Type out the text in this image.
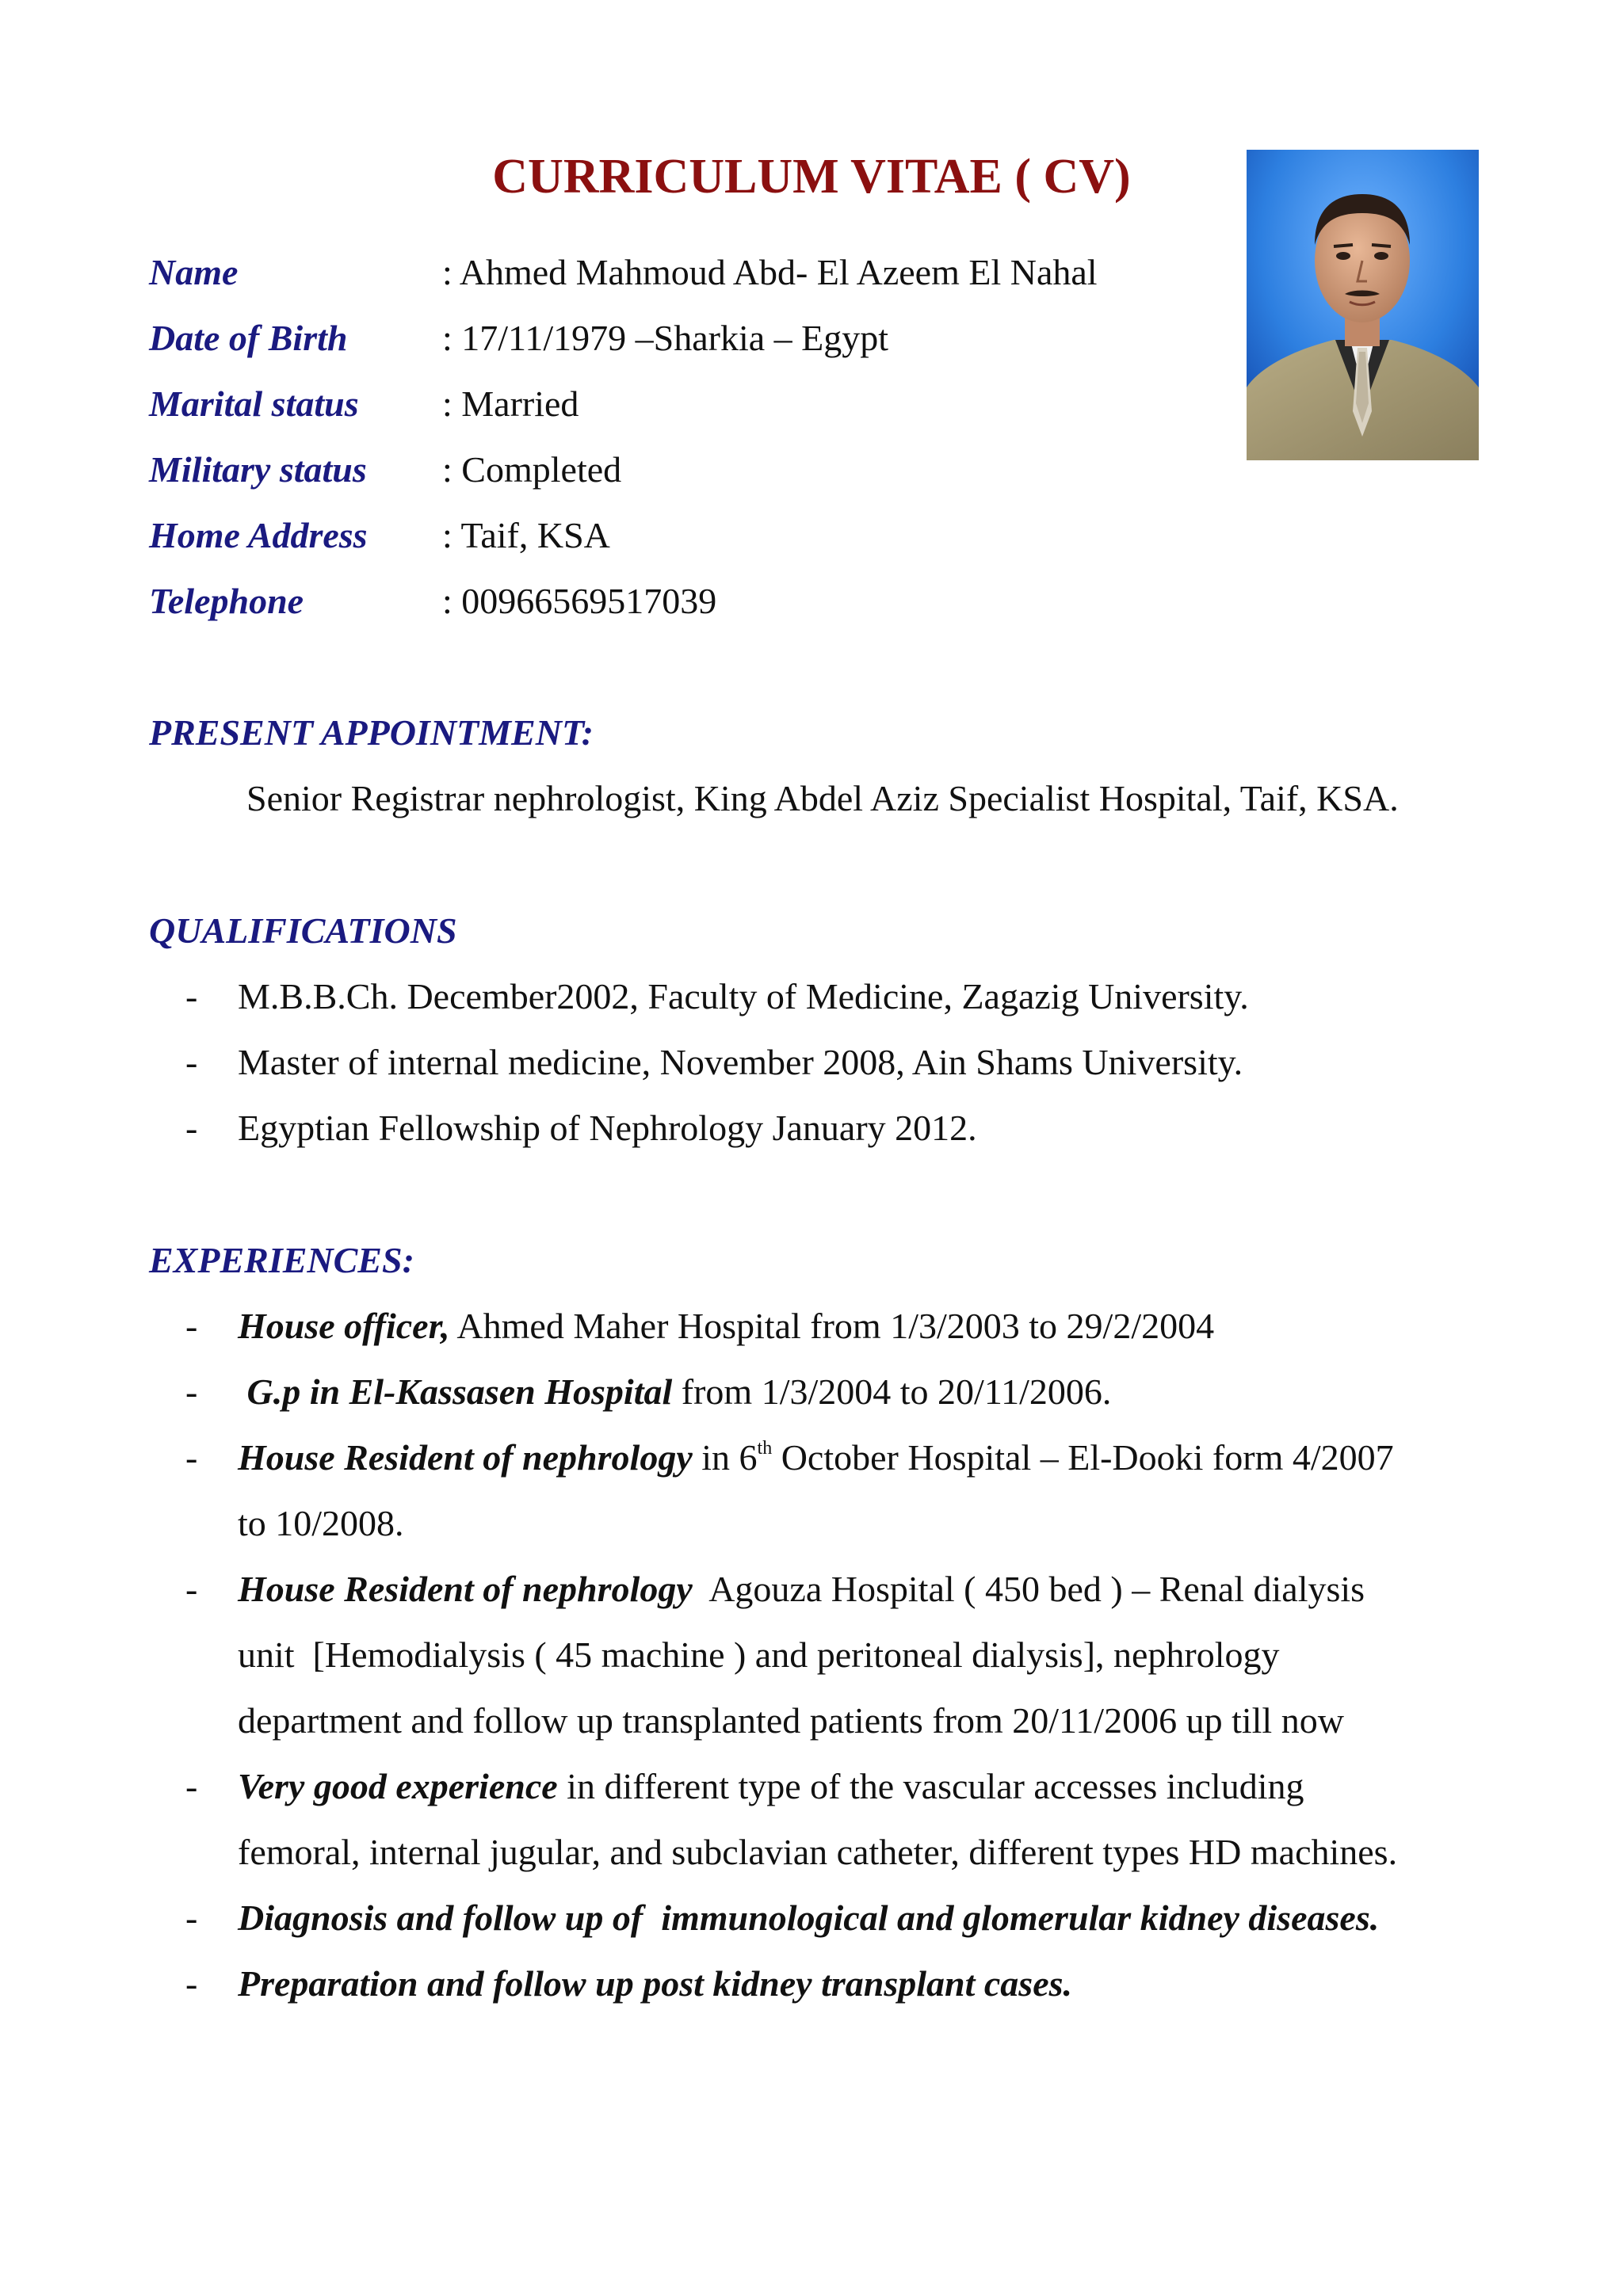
CURRICULUM VITAE ( CV)
Name	: Ahmed Mahmoud Abd- El Azeem El Nahal
Date of Birth	: 17/11/1979 –Sharkia – Egypt
Marital status : Married
Military status : Completed
Home Address : Taif, KSA
Telephone	: 00966569517039
PRESENT APPOINTMENT:
Senior Registrar nephrologist, King Abdel Aziz Specialist Hospital, Taif, KSA.
QUALIFICATIONS
- M.B.B.Ch. December2002, Faculty of Medicine, Zagazig University.
- Master of internal medicine, November 2008, Ain Shams University.
- Egyptian Fellowship of Nephrology January 2012.
EXPERIENCES:
- House officer, Ahmed Maher Hospital from 1/3/2003 to 29/2/2004
- G.p in El-Kassasen Hospital from 1/3/2004 to 20/11/2006.
- House Resident of nephrology in 6th October Hospital – El-Dooki form 4/2007
to 10/2008.
- House Resident of nephrology  Agouza Hospital ( 450 bed ) – Renal dialysis
unit  [Hemodialysis ( 45 machine ) and peritoneal dialysis], nephrology
department and follow up transplanted patients from 20/11/2006 up till now
- Very good experience in different type of the vascular accesses including
femoral, internal jugular, and subclavian catheter, different types HD machines.
- Diagnosis and follow up of  immunological and glomerular kidney diseases.
- Preparation and follow up post kidney transplant cases.
